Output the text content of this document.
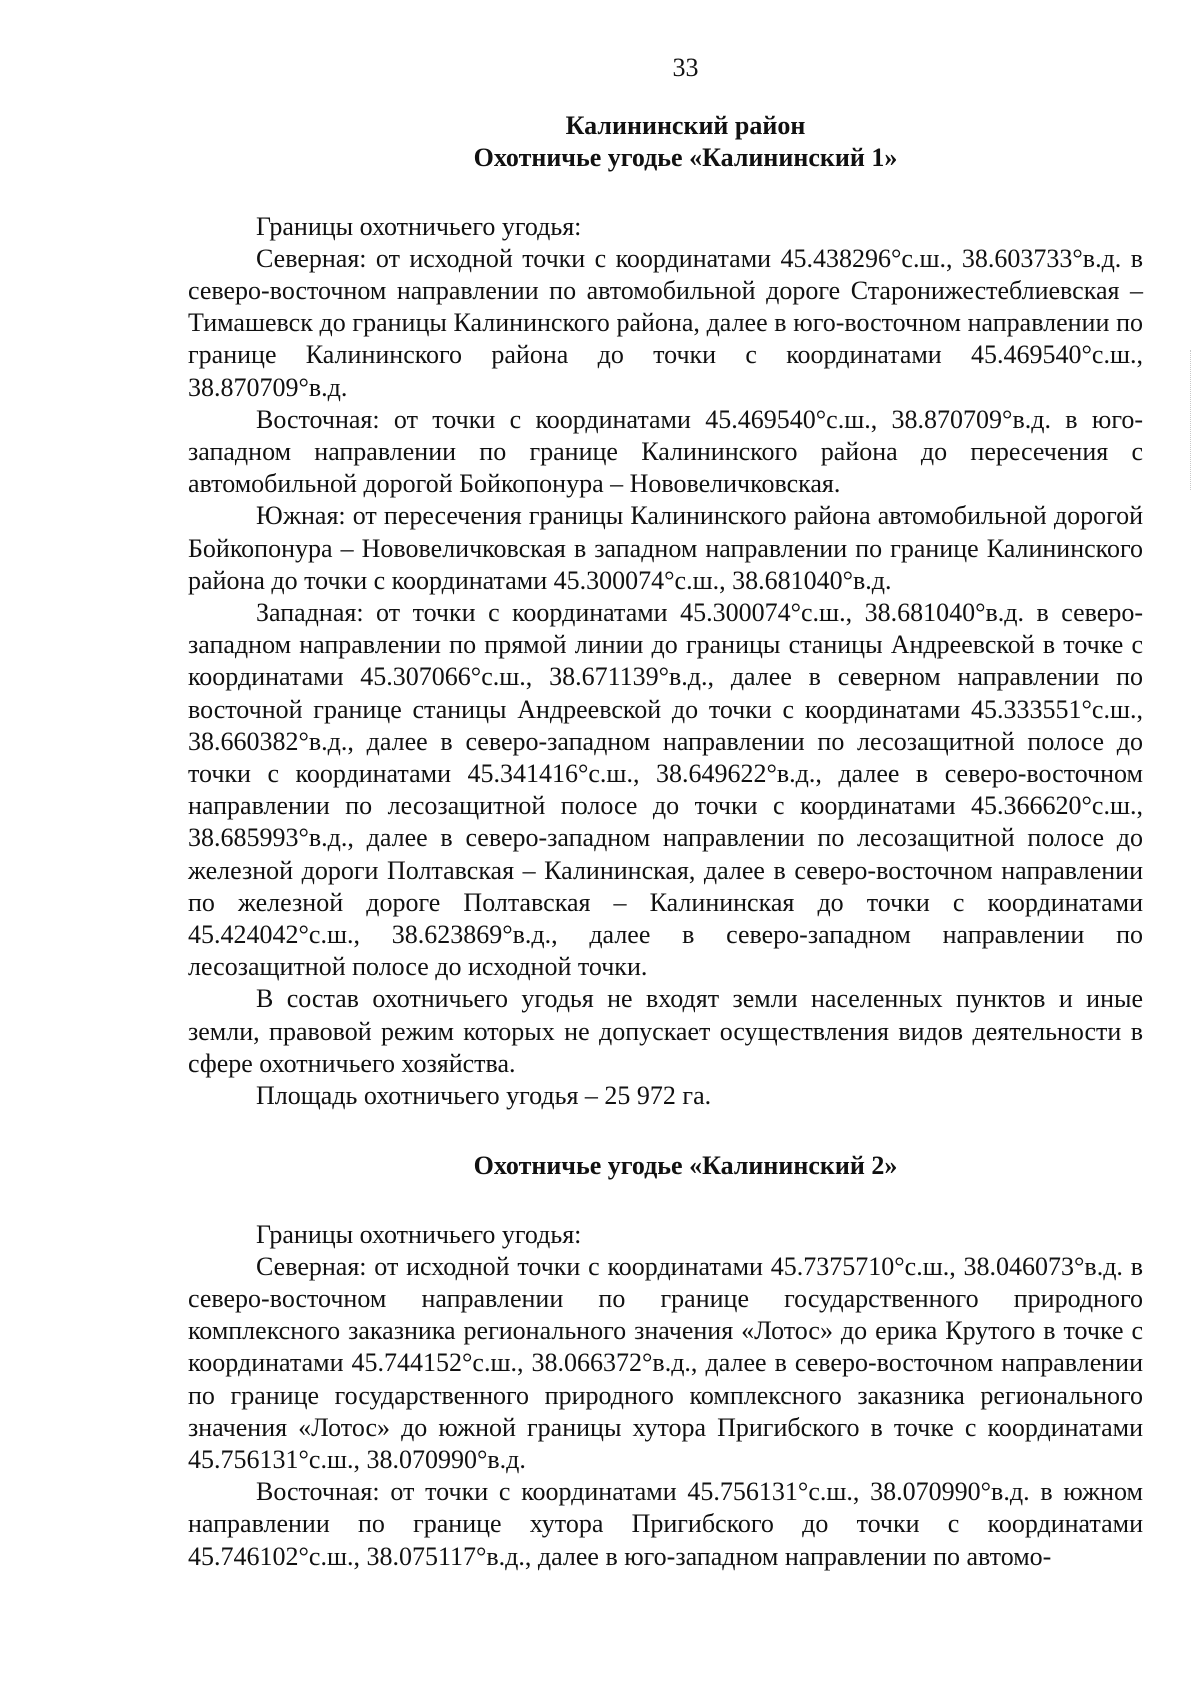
33
Калининский район
Охотничье угодье «Калининский 1»

Границы охотничьего угодья:

Северная: от исходной точки с координатами 45.438296°с.ш., 38.603733°в.д. в северо-восточном направлении по автомобильной дороге Старонижестеблиевская – Тимашевск до границы Калининского района, далее в юго-восточном направлении по границе Калининского района до точки с координатами 45.469540°с.ш., 38.870709°в.д.

Восточная: от точки с координатами 45.469540°с.ш., 38.870709°в.д. в юго-западном направлении по границе Калининского района до пересечения с автомобильной дорогой Бойкопонура – Нововеличковская.

Южная: от пересечения границы Калининского района автомобильной дорогой Бойкопонура – Нововеличковская в западном направлении по границе Калининского района до точки с координатами 45.300074°с.ш., 38.681040°в.д.

Западная: от точки с координатами 45.300074°с.ш., 38.681040°в.д. в северо-западном направлении по прямой линии до границы станицы Андреевской в точке с координатами 45.307066°с.ш., 38.671139°в.д., далее в северном направлении по восточной границе станицы Андреевской до точки с координатами 45.333551°с.ш., 38.660382°в.д., далее в северо-западном направлении по лесозащитной полосе до точки с координатами 45.341416°с.ш., 38.649622°в.д., далее в северо-восточном направлении по лесозащитной полосе до точки с координатами 45.366620°с.ш., 38.685993°в.д., далее в северо-западном направлении по лесозащитной полосе до железной дороги Полтавская – Калининская, далее в северо-восточном направлении по железной дороге Полтавская – Калининская до точки с координатами 45.424042°с.ш., 38.623869°в.д., далее в северо-западном направлении по лесозащитной полосе до исходной точки.

В состав охотничьего угодья не входят земли населенных пунктов и иные земли, правовой режим которых не допускает осуществления видов деятельности в сфере охотничьего хозяйства.

Площадь охотничьего угодья – 25 972 га.

Охотничье угодье «Калининский 2»

Границы охотничьего угодья:

Северная: от исходной точки с координатами 45.7375710°с.ш., 38.046073°в.д. в северо-восточном направлении по границе государственного природного комплексного заказника регионального значения «Лотос» до ерика Крутого в точке с координатами 45.744152°с.ш., 38.066372°в.д., далее в северо-восточном направлении по границе государственного природного комплексного заказника регионального значения «Лотос» до южной границы хутора Пригибского в точке с координатами 45.756131°с.ш., 38.070990°в.д.

Восточная: от точки с координатами 45.756131°с.ш., 38.070990°в.д. в южном направлении по границе хутора Пригибского до точки с координатами 45.746102°с.ш., 38.075117°в.д., далее в юго-западном направлении по автомо-
